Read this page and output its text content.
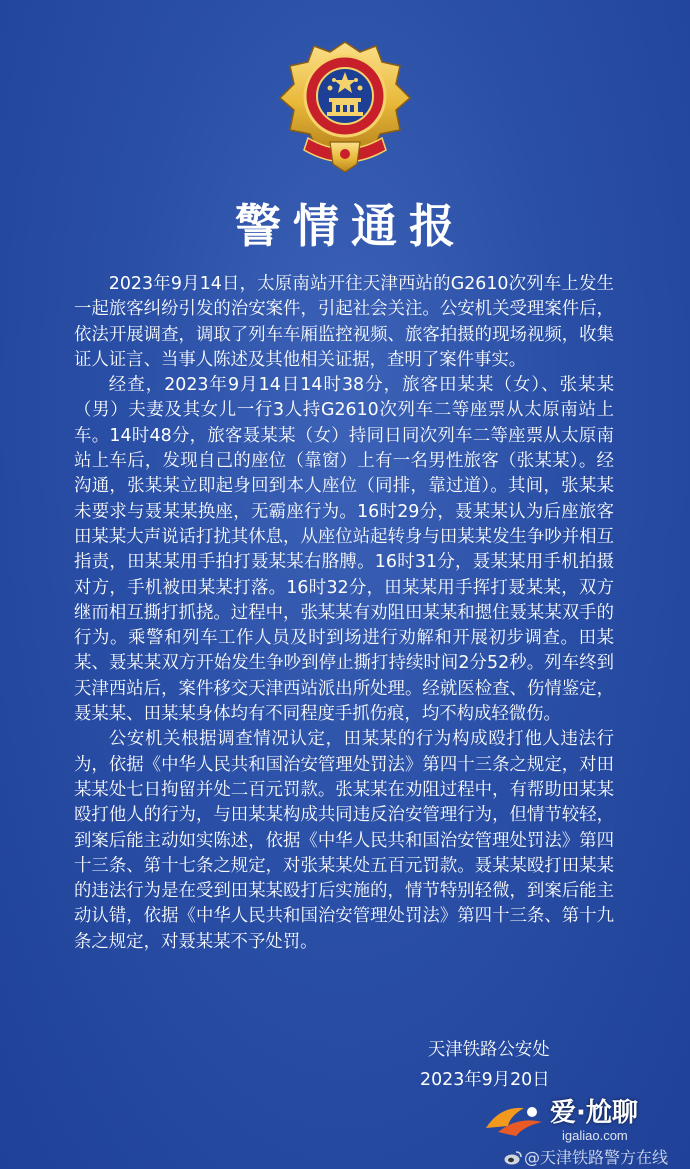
警情通报

2023年9月14日，太原南站开往天津西站的G2610次列车上发生一起旅客纠纷引发的治安案件，引起社会关注。公安机关受理案件后，依法开展调查，调取了列车车厢监控视频、旅客拍摄的现场视频，收集证人证言、当事人陈述及其他相关证据，查明了案件事实。

经查，2023年9月14日14时38分，旅客田某某（女）、张某某（男）夫妻及其女儿一行3人持G2610次列车二等座票从太原南站上车。14时48分，旅客聂某某（女）持同日同次列车二等座票从太原南站上车后，发现自己的座位（靠窗）上有一名男性旅客（张某某）。经沟通，张某某立即起身回到本人座位（同排，靠过道）。其间，张某某未要求与聂某某换座，无霸座行为。16时29分，聂某某认为后座旅客田某某大声说话打扰其休息，从座位站起转身与田某某发生争吵并相互指责，田某某用手拍打聂某某右胳膊。16时31分，聂某某用手机拍摄对方，手机被田某某打落。16时32分，田某某用手挥打聂某某，双方继而相互撕打抓挠。过程中，张某某有劝阻田某某和摁住聂某某双手的行为。乘警和列车工作人员及时到场进行劝解和开展初步调查。田某某、聂某某双方开始发生争吵到停止撕打持续时间2分52秒。列车终到天津西站后，案件移交天津西站派出所处理。经就医检查、伤情鉴定，聂某某、田某某身体均有不同程度手抓伤痕，均不构成轻微伤。

公安机关根据调查情况认定，田某某的行为构成殴打他人违法行为，依据《中华人民共和国治安管理处罚法》第四十三条之规定，对田某某处七日拘留并处二百元罚款。张某某在劝阻过程中，有帮助田某某殴打他人的行为，与田某某构成共同违反治安管理行为，但情节较轻，到案后能主动如实陈述，依据《中华人民共和国治安管理处罚法》第四十三条、第十七条之规定，对张某某处五百元罚款。聂某某殴打田某某的违法行为是在受到田某某殴打后实施的，情节特别轻微，到案后能主动认错，依据《中华人民共和国治安管理处罚法》第四十三条、第十九条之规定，对聂某某不予处罚。

天津铁路公安处
2023年9月20日
爱·尬聊
igaliao.com
@天津铁路警方在线
